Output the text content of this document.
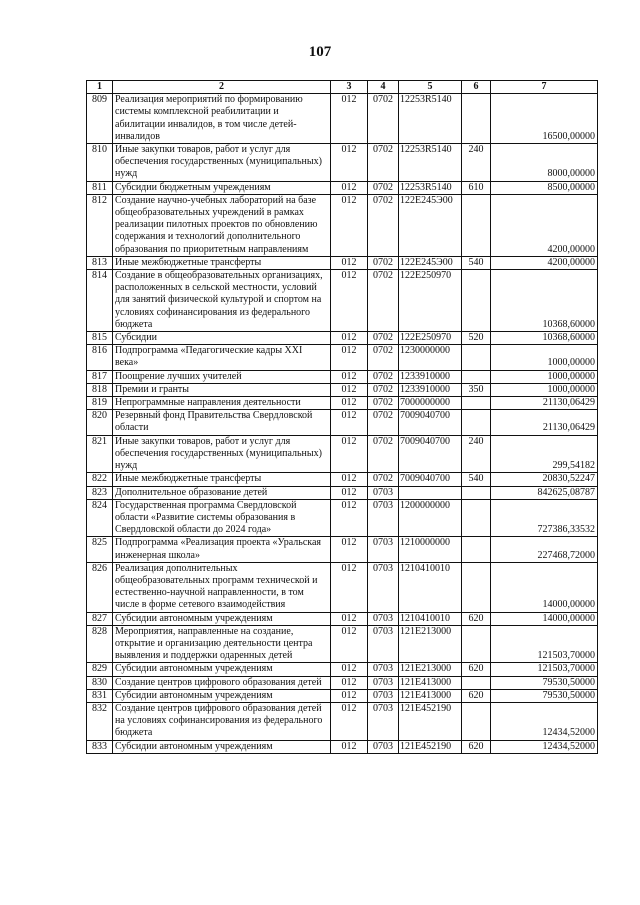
107
1	2	3	4	5	6	7
809	Реализация мероприятий по формированию системы комплексной реабилитации и абилитации инвалидов, в том числе детей-инвалидов	012	0702	12253R5140		16500,00000
810	Иные закупки товаров, работ и услуг для обеспечения государственных (муниципальных) нужд	012	0702	12253R5140	240	8000,00000
811	Субсидии бюджетным учреждениям	012	0702	12253R5140	610	8500,00000
812	Создание научно-учебных лабораторий на базе общеобразовательных учреждений в рамках реализации пилотных проектов по обновлению содержания и технологий дополнительного образования по приоритетным направлениям	012	0702	122E245Э00		4200,00000
813	Иные межбюджетные трансферты	012	0702	122E245Э00	540	4200,00000
814	Создание в общеобразовательных организациях, расположенных в сельской местности, условий для занятий физической культурой и спортом на условиях софинансирования из федерального бюджета	012	0702	122E250970		10368,60000
815	Субсидии	012	0702	122E250970	520	10368,60000
816	Подпрограмма «Педагогические кадры XXI века»	012	0702	1230000000		1000,00000
817	Поощрение лучших учителей	012	0702	1233910000		1000,00000
818	Премии и гранты	012	0702	1233910000	350	1000,00000
819	Непрограммные направления деятельности	012	0702	7000000000		21130,06429
820	Резервный фонд Правительства Свердловской области	012	0702	7009040700		21130,06429
821	Иные закупки товаров, работ и услуг для обеспечения государственных (муниципальных) нужд	012	0702	7009040700	240	299,54182
822	Иные межбюджетные трансферты	012	0702	7009040700	540	20830,52247
823	Дополнительное образование детей	012	0703			842625,08787
824	Государственная программа Свердловской области «Развитие системы образования в Свердловской области до 2024 года»	012	0703	1200000000		727386,33532
825	Подпрограмма «Реализация проекта «Уральская инженерная школа»	012	0703	1210000000		227468,72000
826	Реализация дополнительных общеобразовательных программ технической и естественно-научной направленности, в том числе в форме сетевого взаимодействия	012	0703	1210410010		14000,00000
827	Субсидии автономным учреждениям	012	0703	1210410010	620	14000,00000
828	Мероприятия, направленные на создание, открытие и организацию деятельности центра выявления и поддержки одаренных детей	012	0703	121E213000		121503,70000
829	Субсидии автономным учреждениям	012	0703	121E213000	620	121503,70000
830	Создание центров цифрового образования детей	012	0703	121E413000		79530,50000
831	Субсидии автономным учреждениям	012	0703	121E413000	620	79530,50000
832	Создание центров цифрового образования детей на условиях софинансирования из федерального бюджета	012	0703	121E452190		12434,52000
833	Субсидии автономным учреждениям	012	0703	121E452190	620	12434,52000
